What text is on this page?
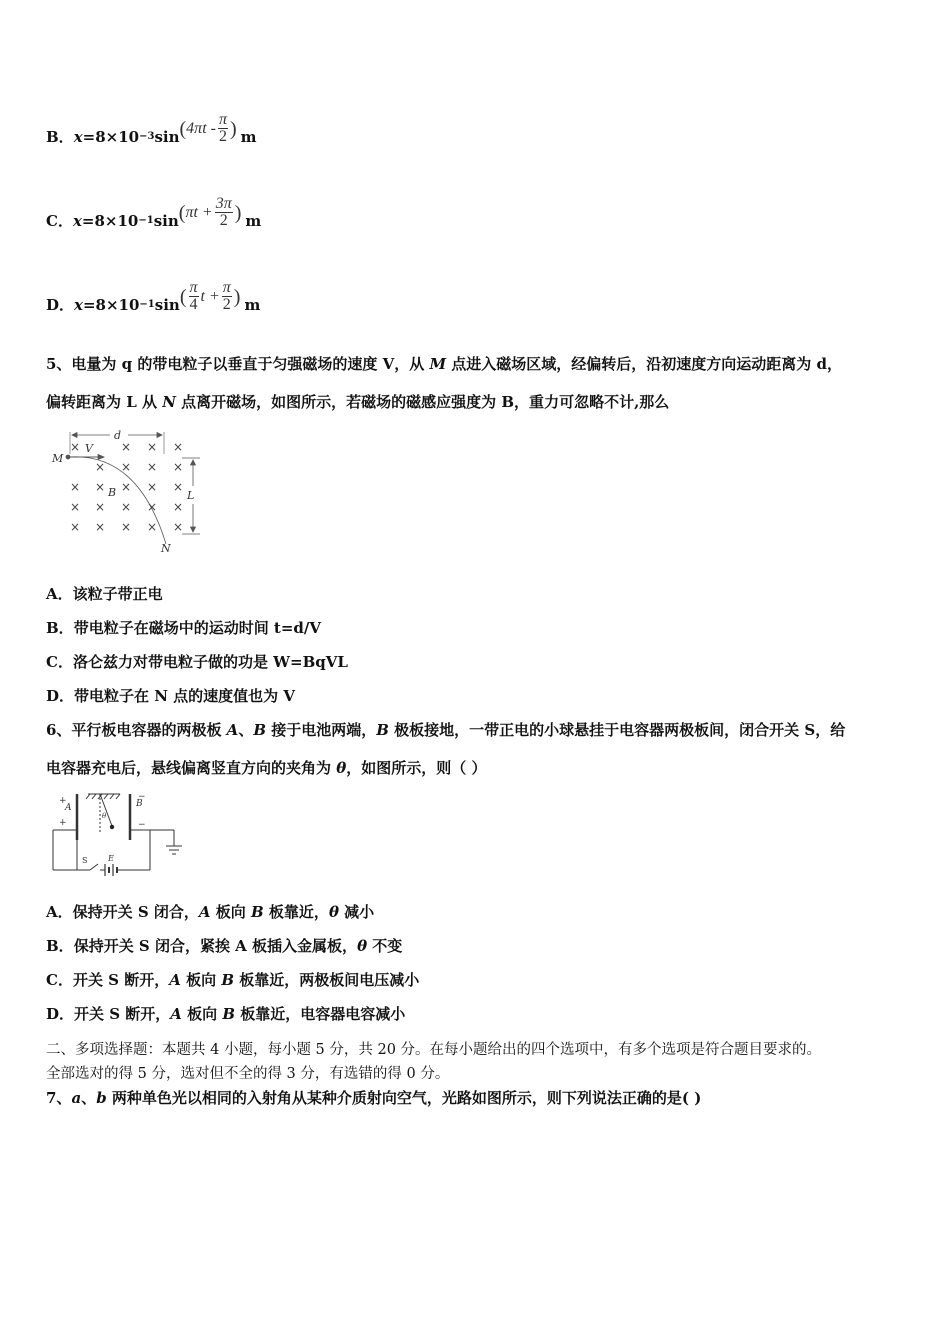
B． x =8×10 −3 sin ( $4\pi t - \frac{\pi}{2}$ ) m
C． x =8×10 −1 sin ( $\pi t + \frac{3\pi}{2}$ ) m
D． x =8×10 −1 sin ( $\frac{\pi}{4}$ $t + \frac{\pi}{2}$ ) m
5、电量为 q 的带电粒子以垂直于匀强磁场的速度 V，从 M 点进入磁场区域，经偏转后，沿初速度方向运动距离为 d，
偏转距离为 L 从 N 点离开磁场，如图所示，若磁场的磁感应强度为 B，重力可忽略不计,那么
d
V
M
B	L
N
×	× × ×
× × × ×
× × × × ×
× × × × ×
× × × × ×
A．该粒子带正电
B．带电粒子在磁场中的运动时间 t=d/V
C．洛仑兹力对带电粒子做的功是 W=BqVL
D．带电粒子在 N 点的速度值也为 V
6、平行板电容器的两极板 A、B 接于电池两端，B 极板接地，一带正电的小球悬挂于电容器两极板间，闭合开关 S，给
电容器充电后，悬线偏离竖直方向的夹角为 θ，如图所示，则（ ）
+
A
+
B
−
−
θ
S	E
A．保持开关 S 闭合，A 板向 B 板靠近，θ 减小
B．保持开关 S 闭合，紧挨 A 板插入金属板，θ 不变
C．开关 S 断开，A 板向 B 板靠近，两极板间电压减小
D．开关 S 断开，A 板向 B 板靠近，电容器电容减小
二、多项选择题：本题共 4 小题，每小题 5 分，共 20 分。在每小题给出的四个选项中，有多个选项是符合题目要求的。
全部选对的得 5 分，选对但不全的得 3 分，有选错的得 0 分。
7、a、b 两种单色光以相同的入射角从某种介质射向空气，光路如图所示，则下列说法正确的是( )
